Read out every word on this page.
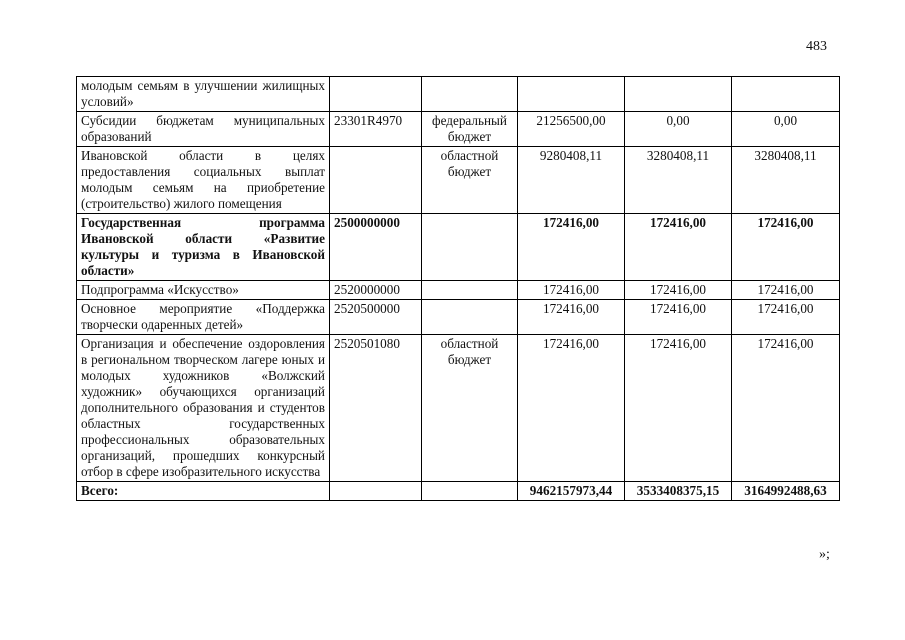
483
молодым семьям в улучшении жилищных условий»					
Субсидии бюджетам муниципальных образований	23301R4970	федеральный бюджет	21256500,00	0,00	0,00
Ивановской области в целях предоставления социальных выплат молодым семьям на приобретение (строительство) жилого помещения		областной бюджет	9280408,11	3280408,11	3280408,11
Государственная программа Ивановской области «Развитие культуры и туризма в Ивановской области»	2500000000		172416,00	172416,00	172416,00
Подпрограмма «Искусство»	2520000000		172416,00	172416,00	172416,00
Основное мероприятие «Поддержка творчески одаренных детей»	2520500000		172416,00	172416,00	172416,00
Организация и обеспечение оздоровления в региональном творческом лагере юных и молодых художников «Волжский художник» обучающихся организаций дополнительного образования и студентов областных государственных профессиональных образовательных организаций, прошедших конкурсный отбор в сфере изобразительного искусства	2520501080	областной бюджет	172416,00	172416,00	172416,00
Всего:			9462157973,44	3533408375,15	3164992488,63
»;
